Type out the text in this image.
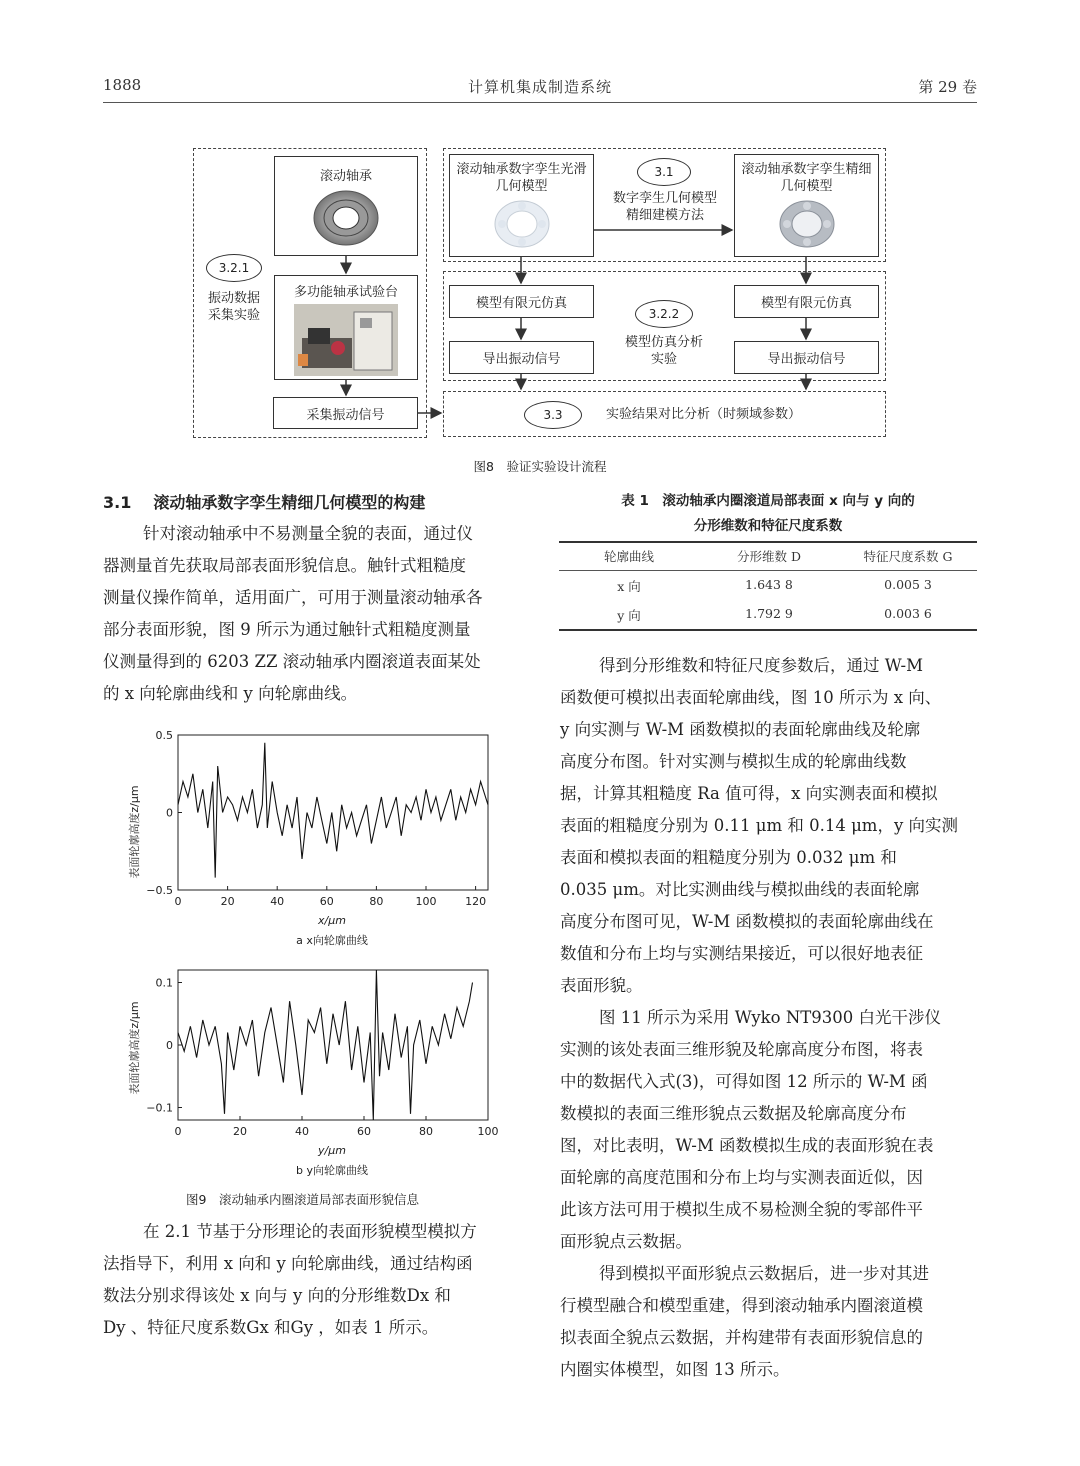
1888	计算机集成制造系统	第 29 卷
滚动轴承
多功能轴承试验台
采集振动信号
3.2.1
振动数据
采集实验
滚动轴承数字孪生光滑
几何模型
3.1
数字孪生几何模型
精细建模方法
滚动轴承数字孪生精细
几何模型
模型有限元仿真	模型有限元仿真
3.2.2
模型仿真分析
实验
导出振动信号	导出振动信号
3.3	实验结果对比分析（时频域参数）
图8　验证实验设计流程
3.1 滚动轴承数字孪生精细几何模型的构建
针对滚动轴承中不易测量全貌的表面，通过仪
器测量首先获取局部表面形貌信息。触针式粗糙度
测量仪操作简单，适用面广，可用于测量滚动轴承各
部分表面形貌，图 9 所示为通过触针式粗糙度测量
仪测量得到的 6203 ZZ 滚动轴承内圈滚道表面某处
的 x 向轮廓曲线和 y 向轮廓曲线。
表面轮廓高度z/μm
0	20	40	60	80	100	120
0.5
0
−0.5
x/μm
a x向轮廓曲线
表面轮廓高度z/μm
0	20	40	60	80	100
0.1
0
−0.1
y/μm
b y向轮廓曲线
图9　滚动轴承内圈滚道局部表面形貌信息
在 2.1 节基于分形理论的表面形貌模型模拟方
法指导下，利用 x 向和 y 向轮廓曲线，通过结构函
数法分别求得该处 x 向与 y 向的分形维数Dx 和
Dy 、特征尺度系数Gx 和Gy ，如表 1 所示。
表 1　滚动轴承内圈滚道局部表面 x 向与 y 向的
分形维数和特征尺度系数
轮廓曲线	分形维数 D	特征尺度系数 G
x 向	1.643 8	0.005 3
y 向	1.792 9	0.003 6
得到分形维数和特征尺度参数后，通过 W-M
函数便可模拟出表面轮廓曲线，图 10 所示为 x 向、
y 向实测与 W-M 函数模拟的表面轮廓曲线及轮廓
高度分布图。针对实测与模拟生成的轮廓曲线数
据，计算其粗糙度 Ra 值可得，x 向实测表面和模拟
表面的粗糙度分别为 0.11 μm 和 0.14 μm，y 向实测
表面和模拟表面的粗糙度分别为 0.032 μm 和
0.035 μm。对比实测曲线与模拟曲线的表面轮廓
高度分布图可见，W-M 函数模拟的表面轮廓曲线在
数值和分布上均与实测结果接近，可以很好地表征
表面形貌。
图 11 所示为采用 Wyko NT9300 白光干涉仪
实测的该处表面三维形貌及轮廓高度分布图，将表
中的数据代入式(3)，可得如图 12 所示的 W-M 函
数模拟的表面三维形貌点云数据及轮廓高度分布
图，对比表明，W-M 函数模拟生成的表面形貌在表
面轮廓的高度范围和分布上均与实测表面近似，因
此该方法可用于模拟生成不易检测全貌的零部件平
面形貌点云数据。
得到模拟平面形貌点云数据后，进一步对其进
行模型融合和模型重建，得到滚动轴承内圈滚道模
拟表面全貌点云数据，并构建带有表面形貌信息的
内圈实体模型，如图 13 所示。
